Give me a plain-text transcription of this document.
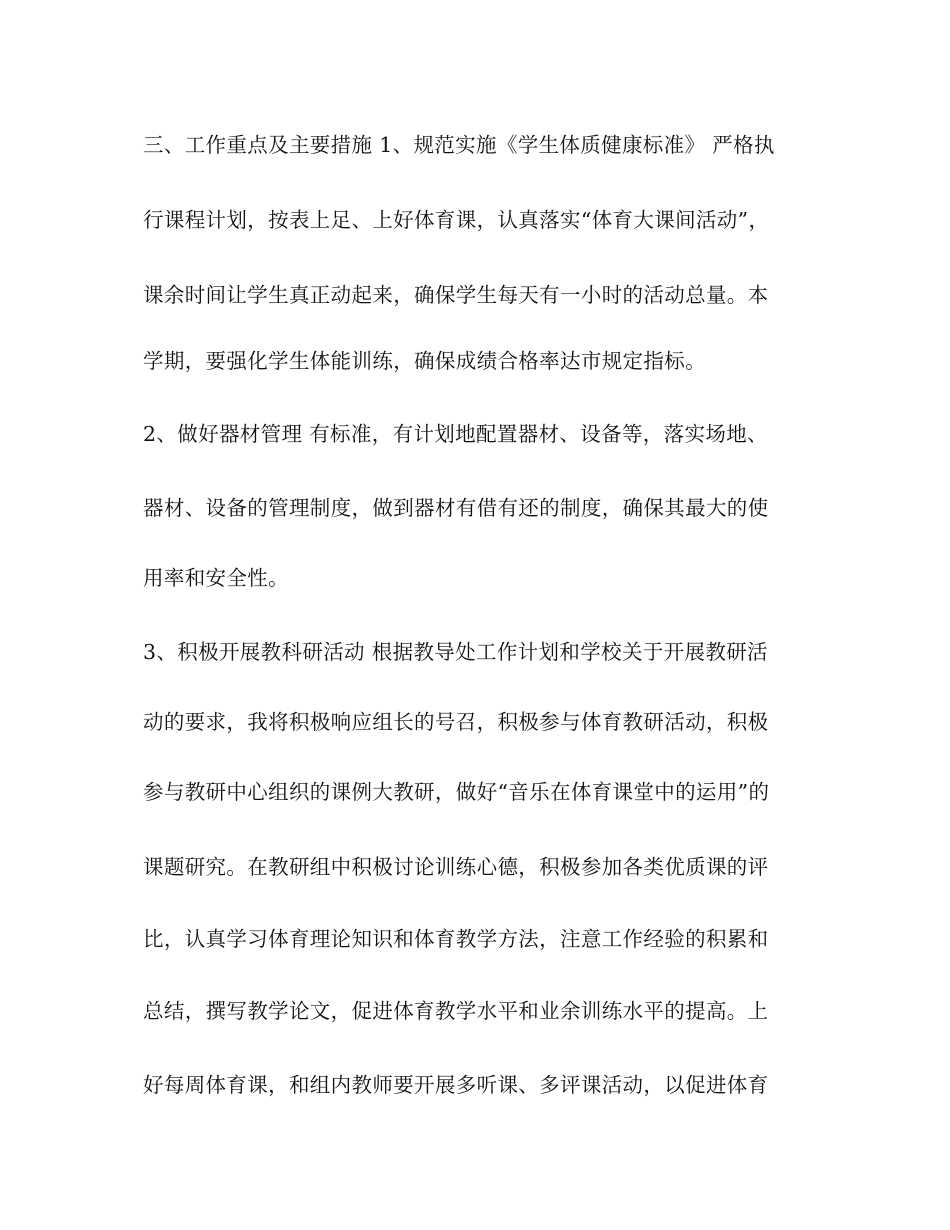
三、工作重点及主要措施 1、规范实施《学生体质健康标准》 严格执
行课程计划，按表上足、上好体育课，认真落实“体育大课间活动”，
课余时间让学生真正动起来，确保学生每天有一小时的活动总量。本
学期，要强化学生体能训练，确保成绩合格率达市规定指标。
2、做好器材管理 有标准，有计划地配置器材、设备等，落实场地、
器材、设备的管理制度，做到器材有借有还的制度，确保其最大的使
用率和安全性。
3、积极开展教科研活动 根据教导处工作计划和学校关于开展教研活
动的要求，我将积极响应组长的号召，积极参与体育教研活动，积极
参与教研中心组织的课例大教研，做好“音乐在体育课堂中的运用”的
课题研究。在教研组中积极讨论训练心德，积极参加各类优质课的评
比，认真学习体育理论知识和体育教学方法，注意工作经验的积累和
总结，撰写教学论文，促进体育教学水平和业余训练水平的提高。上
好每周体育课，和组内教师要开展多听课、多评课活动，以促进体育
